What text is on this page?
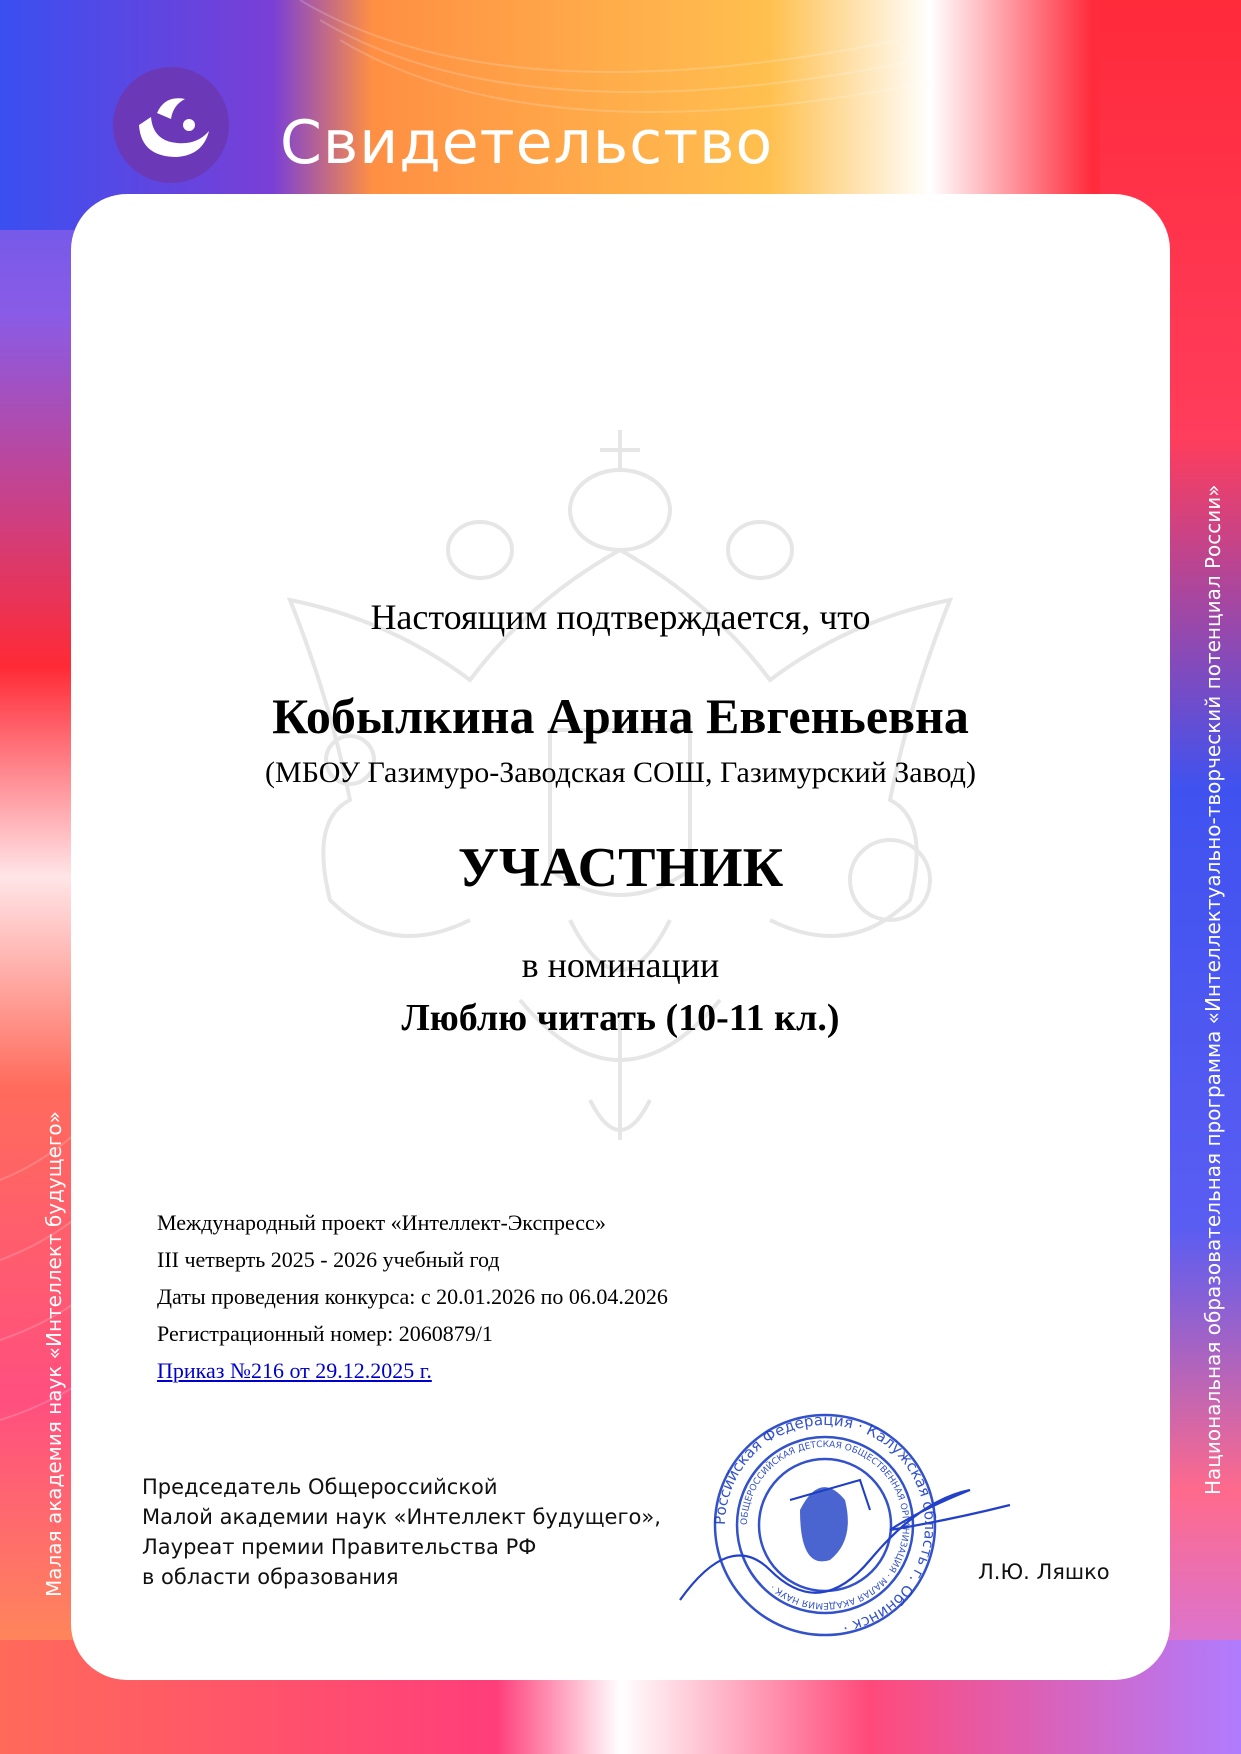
Свидетельство
Малая академия наук «Интеллект будущего»	Национальная образовательная программа «Интеллектуально-творческий потенциал России»
Настоящим подтверждается, что
Кобылкина Арина Евгеньевна
(МБОУ Газимуро-Заводская СОШ, Газимурский Завод)
УЧАСТНИК
в номинации
Люблю читать (10-11 кл.)
Международный проект «Интеллект-Экспресс»
III четверть 2025 - 2026 учебный год
Даты проведения конкурса: с 20.01.2026 по 06.04.2026
Регистрационный номер: 2060879/1
Приказ №216 от 29.12.2025 г.
Председатель Общероссийской
Малой академии наук «Интеллект будущего»,
Лауреат премии Правительства РФ
в области образования
Российская Федерация · Калужская область г. Обнинск ·
ОБЩЕРОССИЙСКАЯ ДЕТСКАЯ ОБЩЕСТВЕННАЯ ОРГАНИЗАЦИЯ · МАЛАЯ АКАДЕМИЯ НАУК ·
Л.Ю. Ляшко
